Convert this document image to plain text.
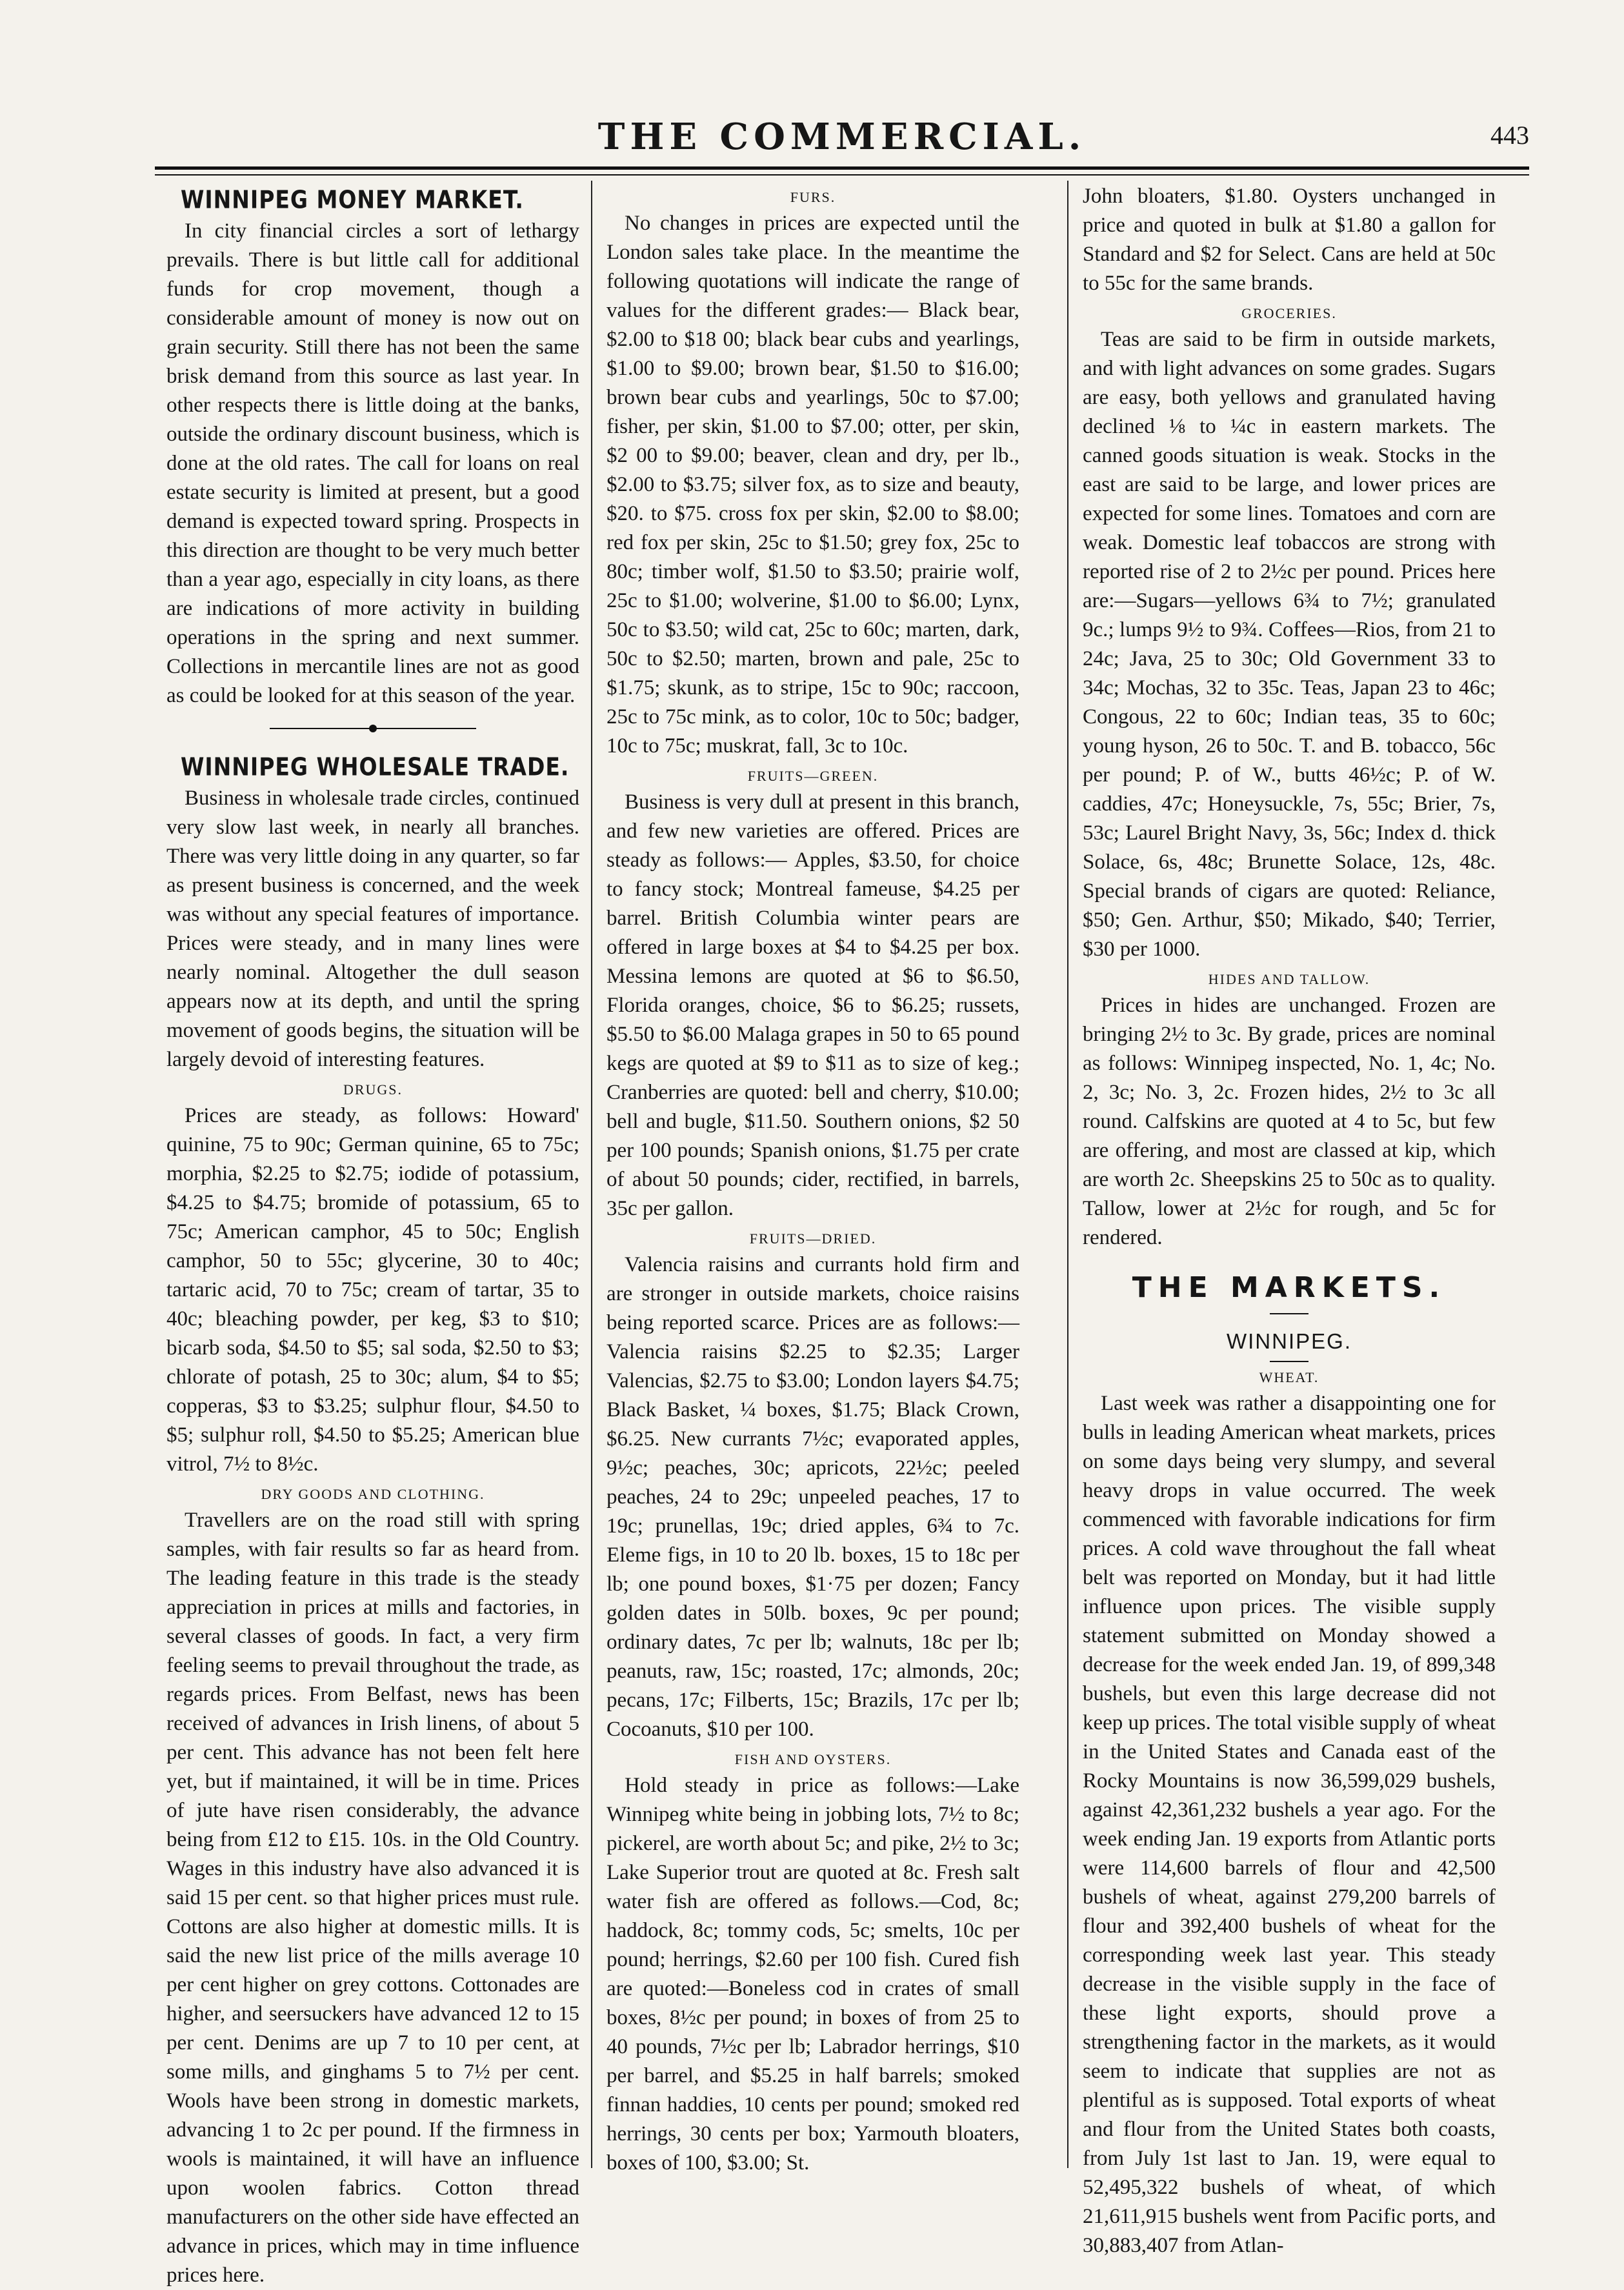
THE COMMERCIAL.	443
WINNIPEG MONEY MARKET.

In city financial circles a sort of lethargy prevails. There is but little call for additional funds for crop movement, though a considerable amount of money is now out on grain security. Still there has not been the same brisk demand from this source as last year. In other respects there is little doing at the banks, outside the ordinary discount business, which is done at the old rates. The call for loans on real estate security is limited at present, but a good demand is expected toward spring. Prospects in this direction are thought to be very much better than a year ago, especially in city loans, as there are indications of more activity in building operations in the spring and next summer. Collections in mercantile lines are not as good as could be looked for at this season of the year.

WINNIPEG WHOLESALE TRADE.

Business in wholesale trade circles, continued very slow last week, in nearly all branches. There was very little doing in any quarter, so far as present business is concerned, and the week was without any special features of importance. Prices were steady, and in many lines were nearly nominal. Altogether the dull season appears now at its depth, and until the spring movement of goods begins, the situation will be largely devoid of interesting features.

DRUGS.

Prices are steady, as follows: Howard' quinine, 75 to 90c; German quinine, 65 to 75c; morphia, $2.25 to $2.75; iodide of potassium, $4.25 to $4.75; bromide of potassium, 65 to 75c; American camphor, 45 to 50c; English camphor, 50 to 55c; glycerine, 30 to 40c; tartaric acid, 70 to 75c; cream of tartar, 35 to 40c; bleaching powder, per keg, $3 to $10; bicarb soda, $4.50 to $5; sal soda, $2.50 to $3; chlorate of potash, 25 to 30c; alum, $4 to $5; copperas, $3 to $3.25; sulphur flour, $4.50 to $5; sulphur roll, $4.50 to $5.25; American blue vitrol, 7½ to 8½c.

DRY GOODS AND CLOTHING.

Travellers are on the road still with spring samples, with fair results so far as heard from. The leading feature in this trade is the steady appreciation in prices at mills and factories, in several classes of goods. In fact, a very firm feeling seems to prevail throughout the trade, as regards prices. From Belfast, news has been received of advances in Irish linens, of about 5 per cent. This advance has not been felt here yet, but if maintained, it will be in time. Prices of jute have risen considerably, the advance being from £12 to £15. 10s. in the Old Country. Wages in this industry have also advanced it is said 15 per cent. so that higher prices must rule. Cottons are also higher at domestic mills. It is said the new list price of the mills average 10 per cent higher on grey cottons. Cottonades are higher, and seersuckers have advanced 12 to 15 per cent. Denims are up 7 to 10 per cent, at some mills, and ginghams 5 to 7½ per cent. Wools have been strong in domestic markets, advancing 1 to 2c per pound. If the firmness in wools is maintained, it will have an influence upon woolen fabrics. Cotton thread manufacturers on the other side have effected an advance in prices, which may in time influence prices here.

FURS.

No changes in prices are expected until the London sales take place. In the meantime the following quotations will indicate the range of values for the different grades:— Black bear, $2.00 to $18 00; black bear cubs and yearlings, $1.00 to $9.00; brown bear, $1.50 to $16.00; brown bear cubs and yearlings, 50c to $7.00; fisher, per skin, $1.00 to $7.00; otter, per skin, $2 00 to $9.00; beaver, clean and dry, per lb., $2.00 to $3.75; silver fox, as to size and beauty, $20. to $75. cross fox per skin, $2.00 to $8.00; red fox per skin, 25c to $1.50; grey fox, 25c to 80c; timber wolf, $1.50 to $3.50; prairie wolf, 25c to $1.00; wolverine, $1.00 to $6.00; Lynx, 50c to $3.50; wild cat, 25c to 60c; marten, dark, 50c to $2.50; marten, brown and pale, 25c to $1.75; skunk, as to stripe, 15c to 90c; raccoon, 25c to 75c mink, as to color, 10c to 50c; badger, 10c to 75c; muskrat, fall, 3c to 10c.

FRUITS—GREEN.

Business is very dull at present in this branch, and few new varieties are offered. Prices are steady as follows:— Apples, $3.50, for choice to fancy stock; Montreal fameuse, $4.25 per barrel. British Columbia winter pears are offered in large boxes at $4 to $4.25 per box. Messina lemons are quoted at $6 to $6.50, Florida oranges, choice, $6 to $6.25; russets, $5.50 to $6.00 Malaga grapes in 50 to 65 pound kegs are quoted at $9 to $11 as to size of keg.; Cranberries are quoted: bell and cherry, $10.00; bell and bugle, $11.50. Southern onions, $2 50 per 100 pounds; Spanish onions, $1.75 per crate of about 50 pounds; cider, rectified, in barrels, 35c per gallon.

FRUITS—DRIED.

Valencia raisins and currants hold firm and are stronger in outside markets, choice raisins being reported scarce. Prices are as follows:— Valencia raisins $2.25 to $2.35; Larger Valencias, $2.75 to $3.00; London layers $4.75; Black Basket, ¼ boxes, $1.75; Black Crown, $6.25. New currants 7½c; evaporated apples, 9½c; peaches, 30c; apricots, 22½c; peeled peaches, 24 to 29c; unpeeled peaches, 17 to 19c; prunellas, 19c; dried apples, 6¾ to 7c. Eleme figs, in 10 to 20 lb. boxes, 15 to 18c per lb; one pound boxes, $1·75 per dozen; Fancy golden dates in 50lb. boxes, 9c per pound; ordinary dates, 7c per lb; walnuts, 18c per lb; peanuts, raw, 15c; roasted, 17c; almonds, 20c; pecans, 17c; Filberts, 15c; Brazils, 17c per lb; Cocoanuts, $10 per 100.

FISH AND OYSTERS.

Hold steady in price as follows:—Lake Winnipeg white being in jobbing lots, 7½ to 8c; pickerel, are worth about 5c; and pike, 2½ to 3c; Lake Superior trout are quoted at 8c. Fresh salt water fish are offered as follows.—Cod, 8c; haddock, 8c; tommy cods, 5c; smelts, 10c per pound; herrings, $2.60 per 100 fish. Cured fish are quoted:—Boneless cod in crates of small boxes, 8½c per pound; in boxes of from 25 to 40 pounds, 7½c per lb; Labrador herrings, $10 per barrel, and $5.25 in half barrels; smoked finnan haddies, 10 cents per pound; smoked red herrings, 30 cents per box; Yarmouth bloaters, boxes of 100, $3.00; St.

John bloaters, $1.80. Oysters unchanged in price and quoted in bulk at $1.80 a gallon for Standard and $2 for Select. Cans are held at 50c to 55c for the same brands.

GROCERIES.

Teas are said to be firm in outside markets, and with light advances on some grades. Sugars are easy, both yellows and granulated having declined ⅛ to ¼c in eastern markets. The canned goods situation is weak. Stocks in the east are said to be large, and lower prices are expected for some lines. Tomatoes and corn are weak. Domestic leaf tobaccos are strong with reported rise of 2 to 2½c per pound. Prices here are:—Sugars—yellows 6¾ to 7½; granulated 9c.; lumps 9½ to 9¾. Coffees—Rios, from 21 to 24c; Java, 25 to 30c; Old Government 33 to 34c; Mochas, 32 to 35c. Teas, Japan 23 to 46c; Congous, 22 to 60c; Indian teas, 35 to 60c; young hyson, 26 to 50c. T. and B. tobacco, 56c per pound; P. of W., butts 46½c; P. of W. caddies, 47c; Honeysuckle, 7s, 55c; Brier, 7s, 53c; Laurel Bright Navy, 3s, 56c; Index d. thick Solace, 6s, 48c; Brunette Solace, 12s, 48c. Special brands of cigars are quoted: Reliance, $50; Gen. Arthur, $50; Mikado, $40; Terrier, $30 per 1000.

HIDES AND TALLOW.

Prices in hides are unchanged. Frozen are bringing 2½ to 3c. By grade, prices are nominal as follows: Winnipeg inspected, No. 1, 4c; No. 2, 3c; No. 3, 2c. Frozen hides, 2½ to 3c all round. Calfskins are quoted at 4 to 5c, but few are offering, and most are classed at kip, which are worth 2c. Sheepskins 25 to 50c as to quality. Tallow, lower at 2½c for rough, and 5c for rendered.

THE MARKETS.
WINNIPEG.
WHEAT.

Last week was rather a disappointing one for bulls in leading American wheat markets, prices on some days being very slumpy, and several heavy drops in value occurred. The week commenced with favorable indications for firm prices. A cold wave throughout the fall wheat belt was reported on Monday, but it had little influence upon prices. The visible supply statement submitted on Monday showed a decrease for the week ended Jan. 19, of 899,348 bushels, but even this large decrease did not keep up prices. The total visible supply of wheat in the United States and Canada east of the Rocky Mountains is now 36,599,029 bushels, against 42,361,232 bushels a year ago. For the week ending Jan. 19 exports from Atlantic ports were 114,600 barrels of flour and 42,500 bushels of wheat, against 279,200 barrels of flour and 392,400 bushels of wheat for the corresponding week last year. This steady decrease in the visible supply in the face of these light exports, should prove a strengthening factor in the markets, as it would seem to indicate that supplies are not as plentiful as is supposed. Total exports of wheat and flour from the United States both coasts, from July 1st last to Jan. 19, were equal to 52,495,322 bushels of wheat, of which 21,611,915 bushels went from Pacific ports, and 30,883,407 from Atlan-
